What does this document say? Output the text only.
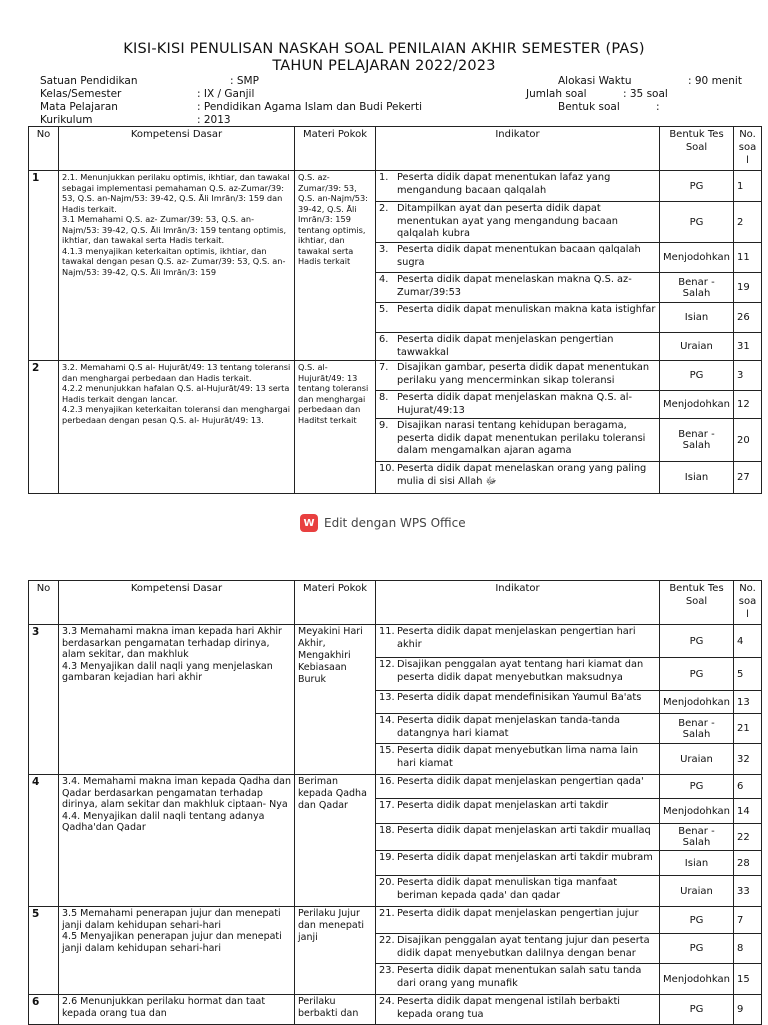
KISI-KISI PENULISAN NASKAH SOAL PENILAIAN AKHIR SEMESTER (PAS)
TAHUN PELAJARAN 2022/2023
Satuan Pendidikan	: SMP
Kelas/Semester	: IX / Ganjil
Mata Pelajaran	: Pendidikan Agama Islam dan Budi Pekerti
Kurikulum	: 2013
Alokasi Waktu	: 90 menit
Jumlah soal	: 35 soal
Bentuk soal	:
No	Kompetensi Dasar	Materi Pokok	Indikator	Bentuk Tes Soal	No. soa l
1	2.1. Menunjukkan perilaku optimis, ikhtiar, dan tawakal sebagai implementasi pemahaman Q.S. az-Zumar/39: 53, Q.S. an-Najm/53: 39-42, Q.S. Āli Imrān/3: 159 dan Hadis terkait.
3.1 Memahami Q.S. az- Zumar/39: 53, Q.S. an-Najm/53: 39-42, Q.S. Āli Imrān/3: 159 tentang optimis, ikhtiar, dan tawakal serta Hadis terkait.
4.1.3 menyajikan keterkaitan optimis, ikhtiar, dan tawakal dengan pesan Q.S. az- Zumar/39: 53, Q.S. an-Najm/53: 39-42, Q.S. Āli Imrān/3: 159	Q.S. az-Zumar/39: 53, Q.S. an-Najm/53: 39-42, Q.S. Āli Imrān/3: 159 tentang optimis, ikhtiar, dan tawakal serta Hadis terkait	1. Peserta didik dapat menentukan lafaz yang mengandung bacaan qalqalah	PG	1

			2. Ditampilkan ayat dan peserta didik dapat menentukan ayat yang mengandung bacaan qalqalah kubra	PG	2

			3. Peserta didik dapat menentukan bacaan qalqalah sugra	Menjodohkan	11

			4. Peserta didik dapat menelaskan makna Q.S. az-Zumar/39:53	Benar - Salah	19

			5. Peserta didik dapat menuliskan makna kata istighfar	Isian	26

			6. Peserta didik dapat menjelaskan pengertian tawwakkal	Uraian	31
2	3.2. Memahami Q.S al- Hujurāt/49: 13 tentang toleransi dan menghargai perbedaan dan Hadis terkait.
4.2.2 menunjukkan hafalan Q.S. al-Hujurāt/49: 13 serta Hadis terkait dengan lancar.
4.2.3 menyajikan keterkaitan toleransi dan menghargai perbedaan dengan pesan Q.S. al- Hujurāt/49: 13.	Q.S. al-Hujurāt/49: 13 tentang toleransi dan menghargai perbedaan dan Haditst terkait	7. Disajikan gambar, peserta didik dapat menentukan perilaku yang mencerminkan sikap toleransi	PG	3

			8. Peserta didik dapat menjelaskan makna Q.S. al-Hujurat/49:13	Menjodohkan	12

			9. Disajikan narasi tentang kehidupan beragama, peserta didik dapat menentukan perilaku toleransi dalam mengamalkan ajaran agama	Benar - Salah	20

			10. Peserta didik dapat menelaskan orang yang paling mulia di sisi Allah ﷻ	Isian	27
W Edit dengan WPS Office
No	Kompetensi Dasar	Materi Pokok	Indikator	Bentuk Tes Soal	No. soa l
3	3.3 Memahami makna iman kepada hari Akhir berdasarkan pengamatan terhadap dirinya, alam sekitar, dan makhluk
4.3 Menyajikan dalil naqli yang menjelaskan gambaran kejadian hari akhir	Meyakini Hari Akhir, Mengakhiri Kebiasaan Buruk	11. Peserta didik dapat menjelaskan pengertian hari akhir	PG	4

			12. Disajikan penggalan ayat tentang hari kiamat dan peserta didik dapat menyebutkan maksudnya	PG	5

			13. Peserta didik dapat mendefinisikan Yaumul Ba'ats	Menjodohkan	13

			14. Peserta didik dapat menjelaskan tanda-tanda datangnya hari kiamat	Benar - Salah	21

			15. Peserta didik dapat menyebutkan lima nama lain hari kiamat	Uraian	32
4	3.4. Memahami makna iman kepada Qadha dan Qadar berdasarkan pengamatan terhadap dirinya, alam sekitar dan makhluk ciptaan- Nya
4.4. Menyajikan dalil naqli tentang adanya Qadha'dan Qadar	Beriman kepada Qadha dan Qadar	16. Peserta didik dapat menjelaskan pengertian qada'	PG	6

			17. Peserta didik dapat menjelaskan arti takdir	Menjodohkan	14

			18. Peserta didik dapat menjelaskan arti takdir muallaq	Benar - Salah	22

			19. Peserta didik dapat menjelaskan arti takdir mubram	Isian	28

			20. Peserta didik dapat menuliskan tiga manfaat beriman kepada qada' dan qadar	Uraian	33
5	3.5 Memahami penerapan jujur dan menepati janji dalam kehidupan sehari-hari
4.5 Menyajikan penerapan jujur dan menepati janji dalam kehidupan sehari-hari	Perilaku Jujur dan menepati janji	21. Peserta didik dapat menjelaskan pengertian jujur	PG	7

			22. Disajikan penggalan ayat tentang jujur dan peserta didik dapat menyebutkan dalilnya dengan benar	PG	8

			23. Peserta didik dapat menentukan salah satu tanda dari orang yang munafik	Menjodohkan	15
6	2.6 Menunjukkan perilaku hormat dan taat kepada orang tua dan	Perilaku berbakti dan	24. Peserta didik dapat mengenal istilah berbakti kepada orang tua	PG	9
